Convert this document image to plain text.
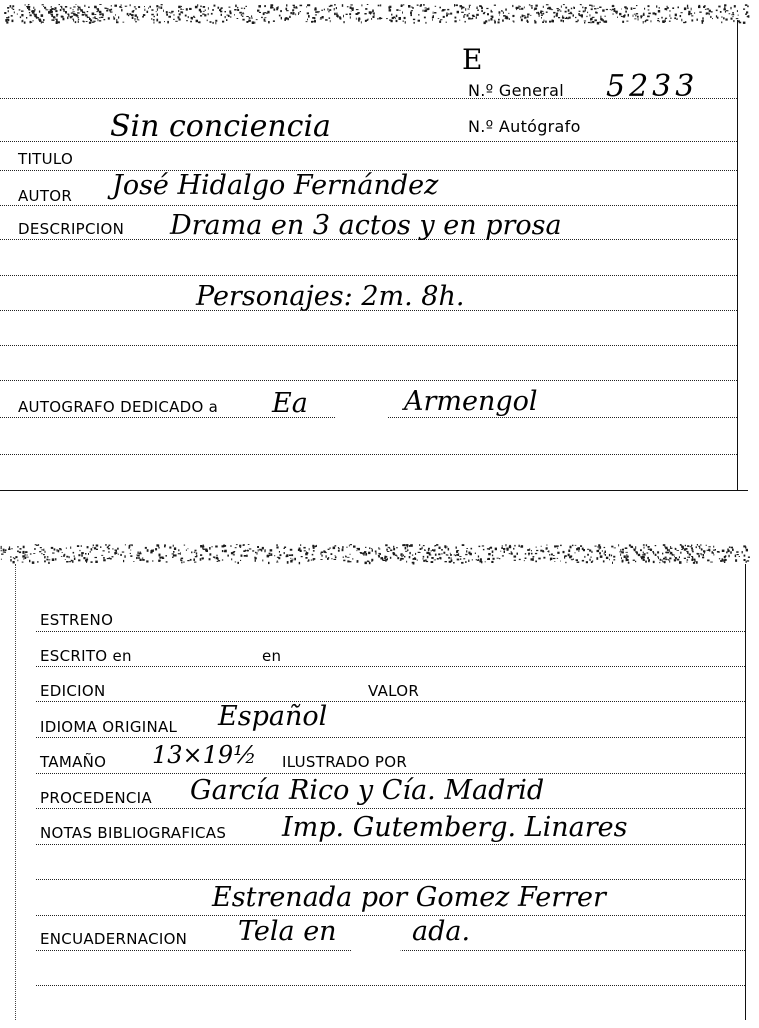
E
N.º General 5233
Sin conciencia	N.º Autógrafo
TITULO
AUTOR José Hidalgo Fernández
DESCRIPCION Drama en 3 actos y en prosa
Personajes: 2m. 8h.
AUTOGRAFO DEDICADO a Ea	Armengol
ESTRENO
ESCRITO en	en
EDICION	VALOR
IDIOMA ORIGINAL Español
TAMAÑO 13×19½ ILUSTRADO POR
PROCEDENCIA García Rico y Cía. Madrid
NOTAS BIBLIOGRAFICAS Imp. Gutemberg. Linares
Estrenada por Gomez Ferrer
ENCUADERNACION Tela en	ada.
